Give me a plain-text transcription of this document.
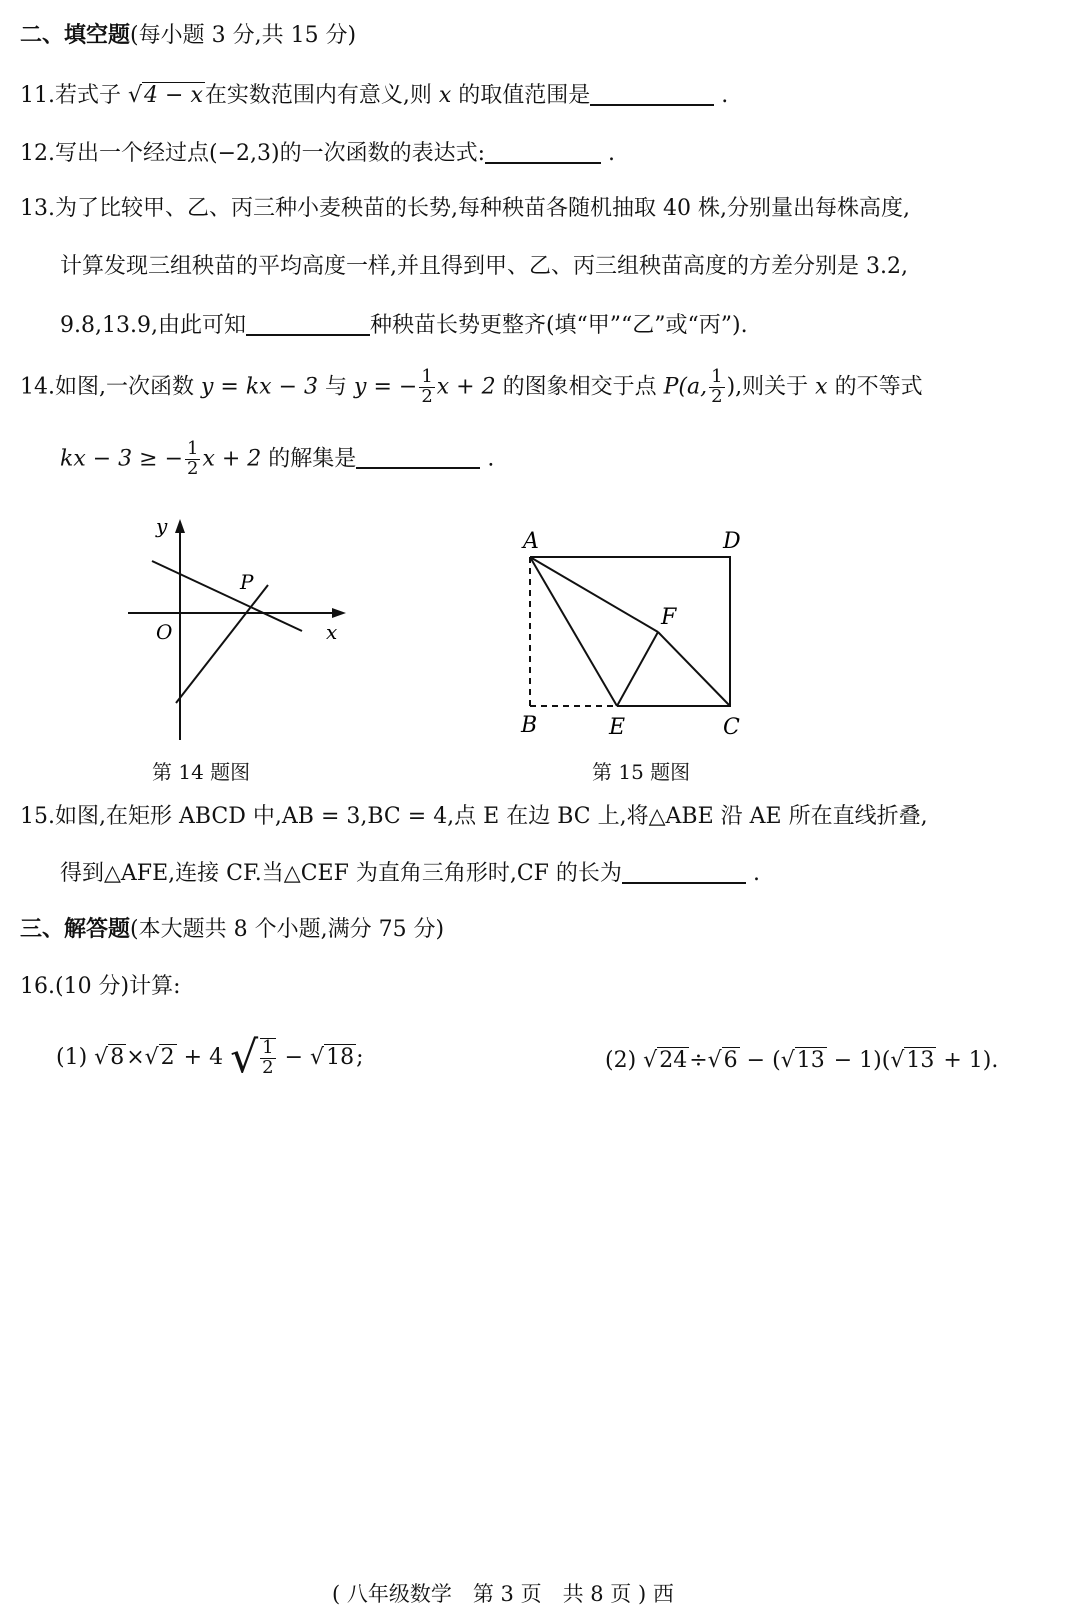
二、填空题(每小题 3 分,共 15 分)
11.若式子 √4 − x在实数范围内有意义,则 x 的取值范围是	.
12.写出一个经过点(−2,3)的一次函数的表达式:	.
13.为了比较甲、乙、丙三种小麦秧苗的长势,每种秧苗各随机抽取 40 株,分别量出每株高度,
计算发现三组秧苗的平均高度一样,并且得到甲、乙、丙三组秧苗高度的方差分别是 3.2,
9.8,13.9,由此可知	种秧苗长势更整齐(填“甲”“乙”或“丙”).
14.如图,一次函数 y = kx − 3 与 y = − $\frac{1}{2}$ x + 2 的图象相交于点 P(a, $\frac{1}{2}$ ),则关于 x 的不等式
kx − 3 ≥ − $\frac{1}{2}$ x + 2 的解集是	.
y
x
O
P
第 14 题图
A	D
B	E	C
F
第 15 题图
15.如图,在矩形 ABCD 中,AB = 3,BC = 4,点 E 在边 BC 上,将△ABE 沿 AE 所在直线折叠,
得到△AFE,连接 CF.当△CEF 为直角三角形时,CF 的长为	.
三、解答题(本大题共 8 个小题,满分 75 分)
16.(10 分)计算:
(1) √8×√2 + 4 √ $\frac{1}{2} - √18$;	(2) √24÷√6 − (√13 − 1)(√13 + 1).
( 八年级数学　第 3 页　共 8 页 ) 西
